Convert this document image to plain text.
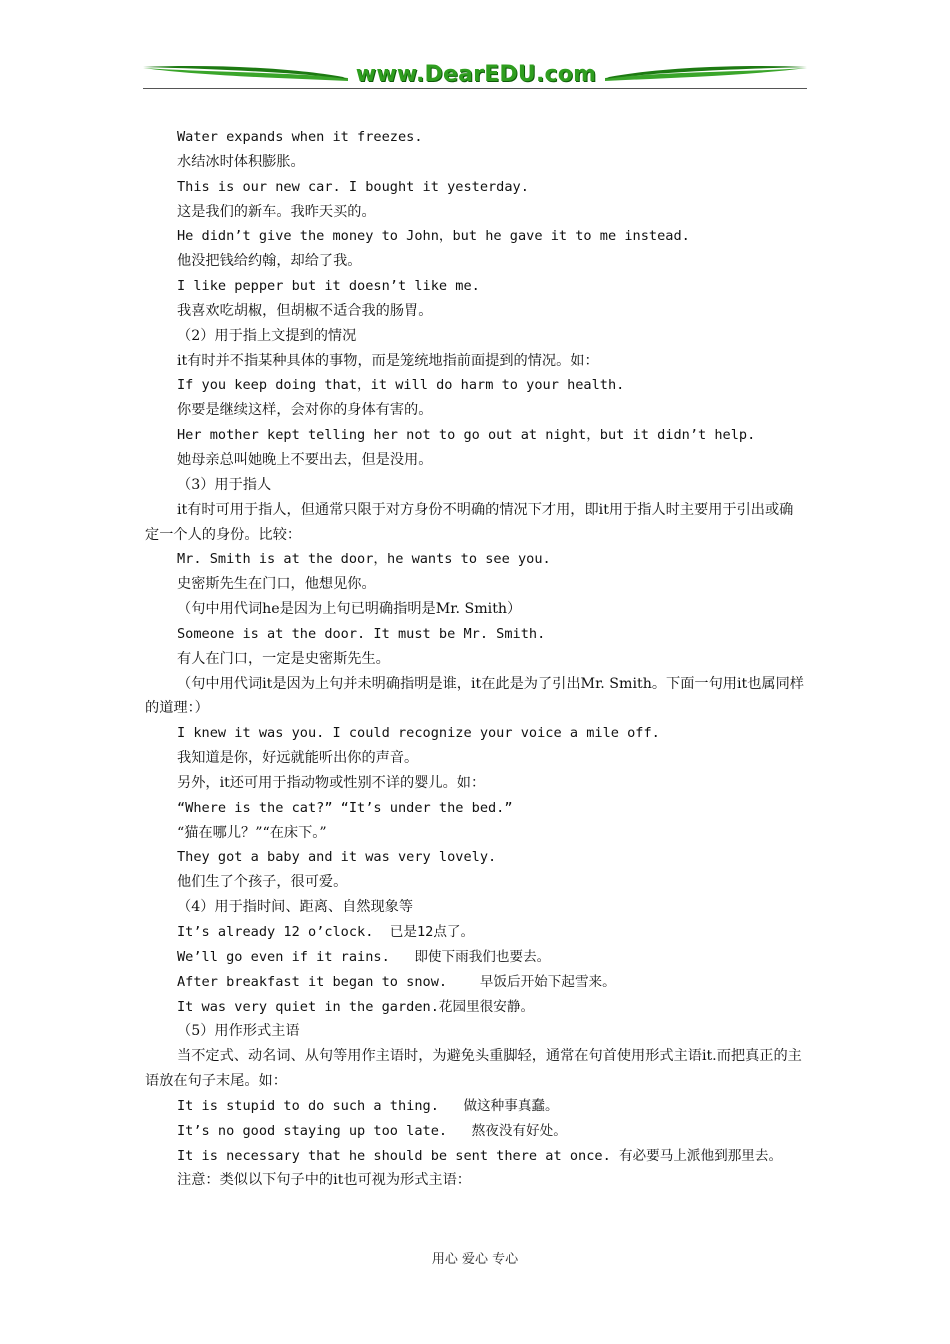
www.DearEDU.com

Water expands when it freezes.

水结冰时体积膨胀。

This is our new car. I bought it yesterday.

这是我们的新车。我昨天买的。

He didn’t give the money to John，but he gave it to me instead.

他没把钱给约翰，却给了我。

I like pepper but it doesn’t like me.

我喜欢吃胡椒，但胡椒不适合我的肠胃。

（2）用于指上文提到的情况

it有时并不指某种具体的事物，而是笼统地指前面提到的情况。如：

If you keep doing that，it will do harm to your health.

你要是继续这样，会对你的身体有害的。

Her mother kept telling her not to go out at night，but it didn’t help.

她母亲总叫她晚上不要出去，但是没用。

（3）用于指人

it有时可用于指人，但通常只限于对方身份不明确的情况下才用，即it用于指人时主要用于引出或确定一个人的身份。比较：

Mr. Smith is at the door，he wants to see you.

史密斯先生在门口，他想见你。

（句中用代词he是因为上句已明确指明是Mr. Smith）

Someone is at the door. It must be Mr. Smith.

有人在门口，一定是史密斯先生。

（句中用代词it是因为上句并未明确指明是谁，it在此是为了引出Mr. Smith。下面一句用it也属同样的道理：）

I knew it was you. I could recognize your voice a mile off.

我知道是你，好远就能听出你的声音。

另外，it还可用于指动物或性别不详的婴儿。如：

“Where is the cat?” “It’s under the bed.”

“猫在哪儿？”“在床下。”

They got a baby and it was very lovely.

他们生了个孩子，很可爱。

（4）用于指时间、距离、自然现象等

It’s already 12 o’clock.  已是12点了。

We’ll go even if it rains.   即使下雨我们也要去。

After breakfast it began to snow.    早饭后开始下起雪来。

It was very quiet in the garden.花园里很安静。

（5）用作形式主语

当不定式、动名词、从句等用作主语时，为避免头重脚轻，通常在句首使用形式主语it.而把真正的主语放在句子末尾。如：

It is stupid to do such a thing.   做这种事真蠢。

It’s no good staying up too late.   熬夜没有好处。

It is necessary that he should be sent there at once. 有必要马上派他到那里去。

注意：类似以下句子中的it也可视为形式主语：

用心 爱心 专心
